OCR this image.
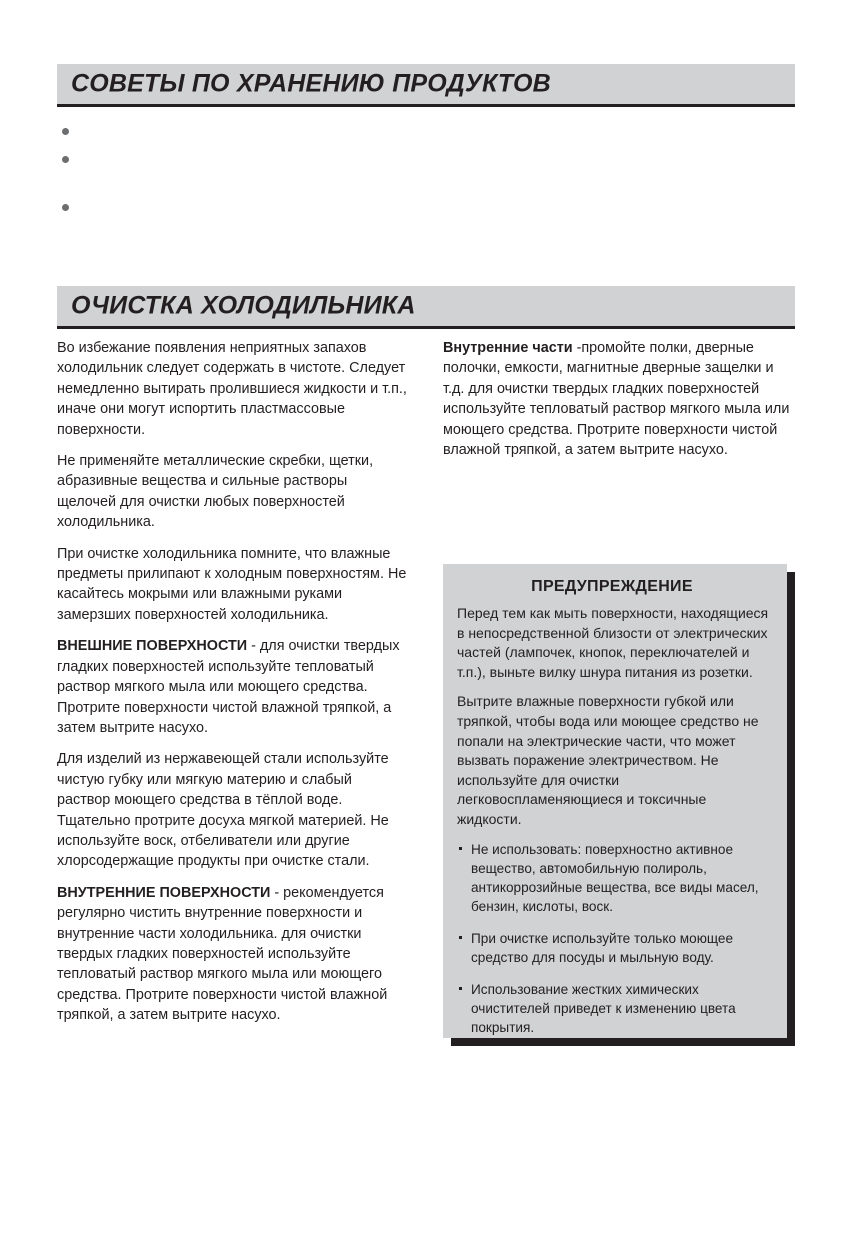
СОВЕТЫ ПО ХРАНЕНИЮ ПРОДУКТОВ
ОЧИСТКА ХОЛОДИЛЬНИКА

Во избежание появления неприятных запахов холодильник следует содержать в чистоте. Следует немедленно вытирать пролившиеся жидкости и т.п., иначе они могут испортить пластмассовые поверхности.

Не применяйте металлические скребки, щетки, абразивные вещества и сильные растворы щелочей для очистки любых поверхностей холодильника.

При очистке холодильника помните, что влажные предметы прилипают к холодным поверхностям. Не касайтесь мокрыми или влажными руками замерзших поверхностей холодильника.

ВНЕШНИЕ ПОВЕРХНОСТИ - для очистки твердых гладких поверхностей используйте тепловатый раствор мягкого мыла или моющего средства. Протрите поверхности чистой влажной тряпкой, а затем вытрите насухо.

Для изделий из нержавеющей стали используйте чистую губку или мягкую материю и слабый раствор моющего средства в тёплой воде. Тщательно протрите досуха мягкой материей. Не используйте воск, отбеливатели или другие хлорсодержащие продукты при очистке стали.

ВНУТРЕННИЕ ПОВЕРХНОСТИ - рекомендуется регулярно чистить внутренние поверхности и внутренние части холодильника. для очистки твердых гладких поверхностей используйте тепловатый раствор мягкого мыла или моющего средства. Протрите поверхности чистой влажной тряпкой, а затем вытрите насухо.

Внутренние части -промойте полки, дверные полочки, емкости, магнитные дверные защелки и т.д. для очистки твердых гладких поверхностей используйте тепловатый раствор мягкого мыла или моющего средства. Протрите поверхности чистой влажной тряпкой, а затем вытрите насухо.

ПРЕДУПРЕЖДЕНИЕ

Перед тем как мыть поверхности, находящиеся в непосредственной близости от электрических частей (лампочек, кнопок, переключателей и т.п.), выньте вилку шнура питания из розетки.

Вытрите влажные поверхности губкой или тряпкой, чтобы вода или моющее средство не попали на электрические части, что может вызвать поражение электричеством. Не используйте для очистки легковоспламеняющиеся и токсичные жидкости.

Не использовать: поверхностно активное вещество, автомобильную полироль, антикоррозийные вещества, все виды масел, бензин, кислоты, воск.
При очистке используйте только моющее средство для посуды и мыльную воду.
Использование жестких химических очистителей приведет к изменению цвета покрытия.
